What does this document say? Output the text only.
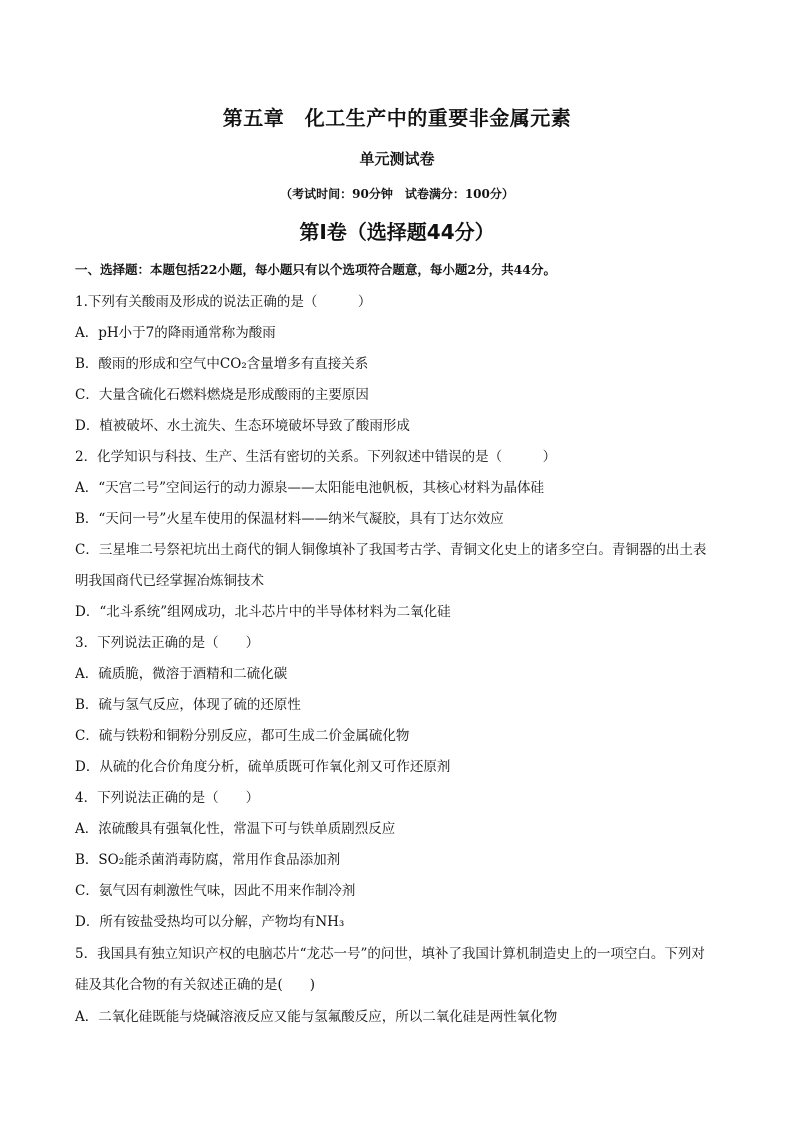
第五章　化工生产中的重要非金属元素
单元测试卷
（考试时间：90分钟　试卷满分：100分）
第Ⅰ卷（选择题44分）
一、选择题：本题包括22小题，每小题只有以个选项符合题意，每小题2分，共44分。
1.下列有关酸雨及形成的说法正确的是（　　　）
A．pH小于7的降雨通常称为酸雨
B．酸雨的形成和空气中CO₂含量增多有直接关系
C．大量含硫化石燃料燃烧是形成酸雨的主要原因
D．植被破坏、水土流失、生态环境破坏导致了酸雨形成
2．化学知识与科技、生产、生活有密切的关系。下列叙述中错误的是（　　　）
A．“天宫二号”空间运行的动力源泉——太阳能电池帆板，其核心材料为晶体硅
B．“天问一号”火星车使用的保温材料——纳米气凝胶，具有丁达尔效应
C．三星堆二号祭祀坑出土商代的铜人铜像填补了我国考古学、青铜文化史上的诸多空白。青铜器的出土表
明我国商代已经掌握冶炼铜技术
D．“北斗系统”组网成功，北斗芯片中的半导体材料为二氧化硅
3．下列说法正确的是（　　）
A．硫质脆，微溶于酒精和二硫化碳
B．硫与氢气反应，体现了硫的还原性
C．硫与铁粉和铜粉分别反应，都可生成二价金属硫化物
D．从硫的化合价角度分析，硫单质既可作氧化剂又可作还原剂
4．下列说法正确的是（　　）
A．浓硫酸具有强氧化性，常温下可与铁单质剧烈反应
B．SO₂能杀菌消毒防腐，常用作食品添加剂
C．氨气因有刺激性气味，因此不用来作制冷剂
D．所有铵盐受热均可以分解，产物均有NH₃
5．我国具有独立知识产权的电脑芯片“龙芯一号”的问世，填补了我国计算机制造史上的一项空白。下列对
硅及其化合物的有关叙述正确的是(　　)
A．二氧化硅既能与烧碱溶液反应又能与氢氟酸反应，所以二氧化硅是两性氧化物
